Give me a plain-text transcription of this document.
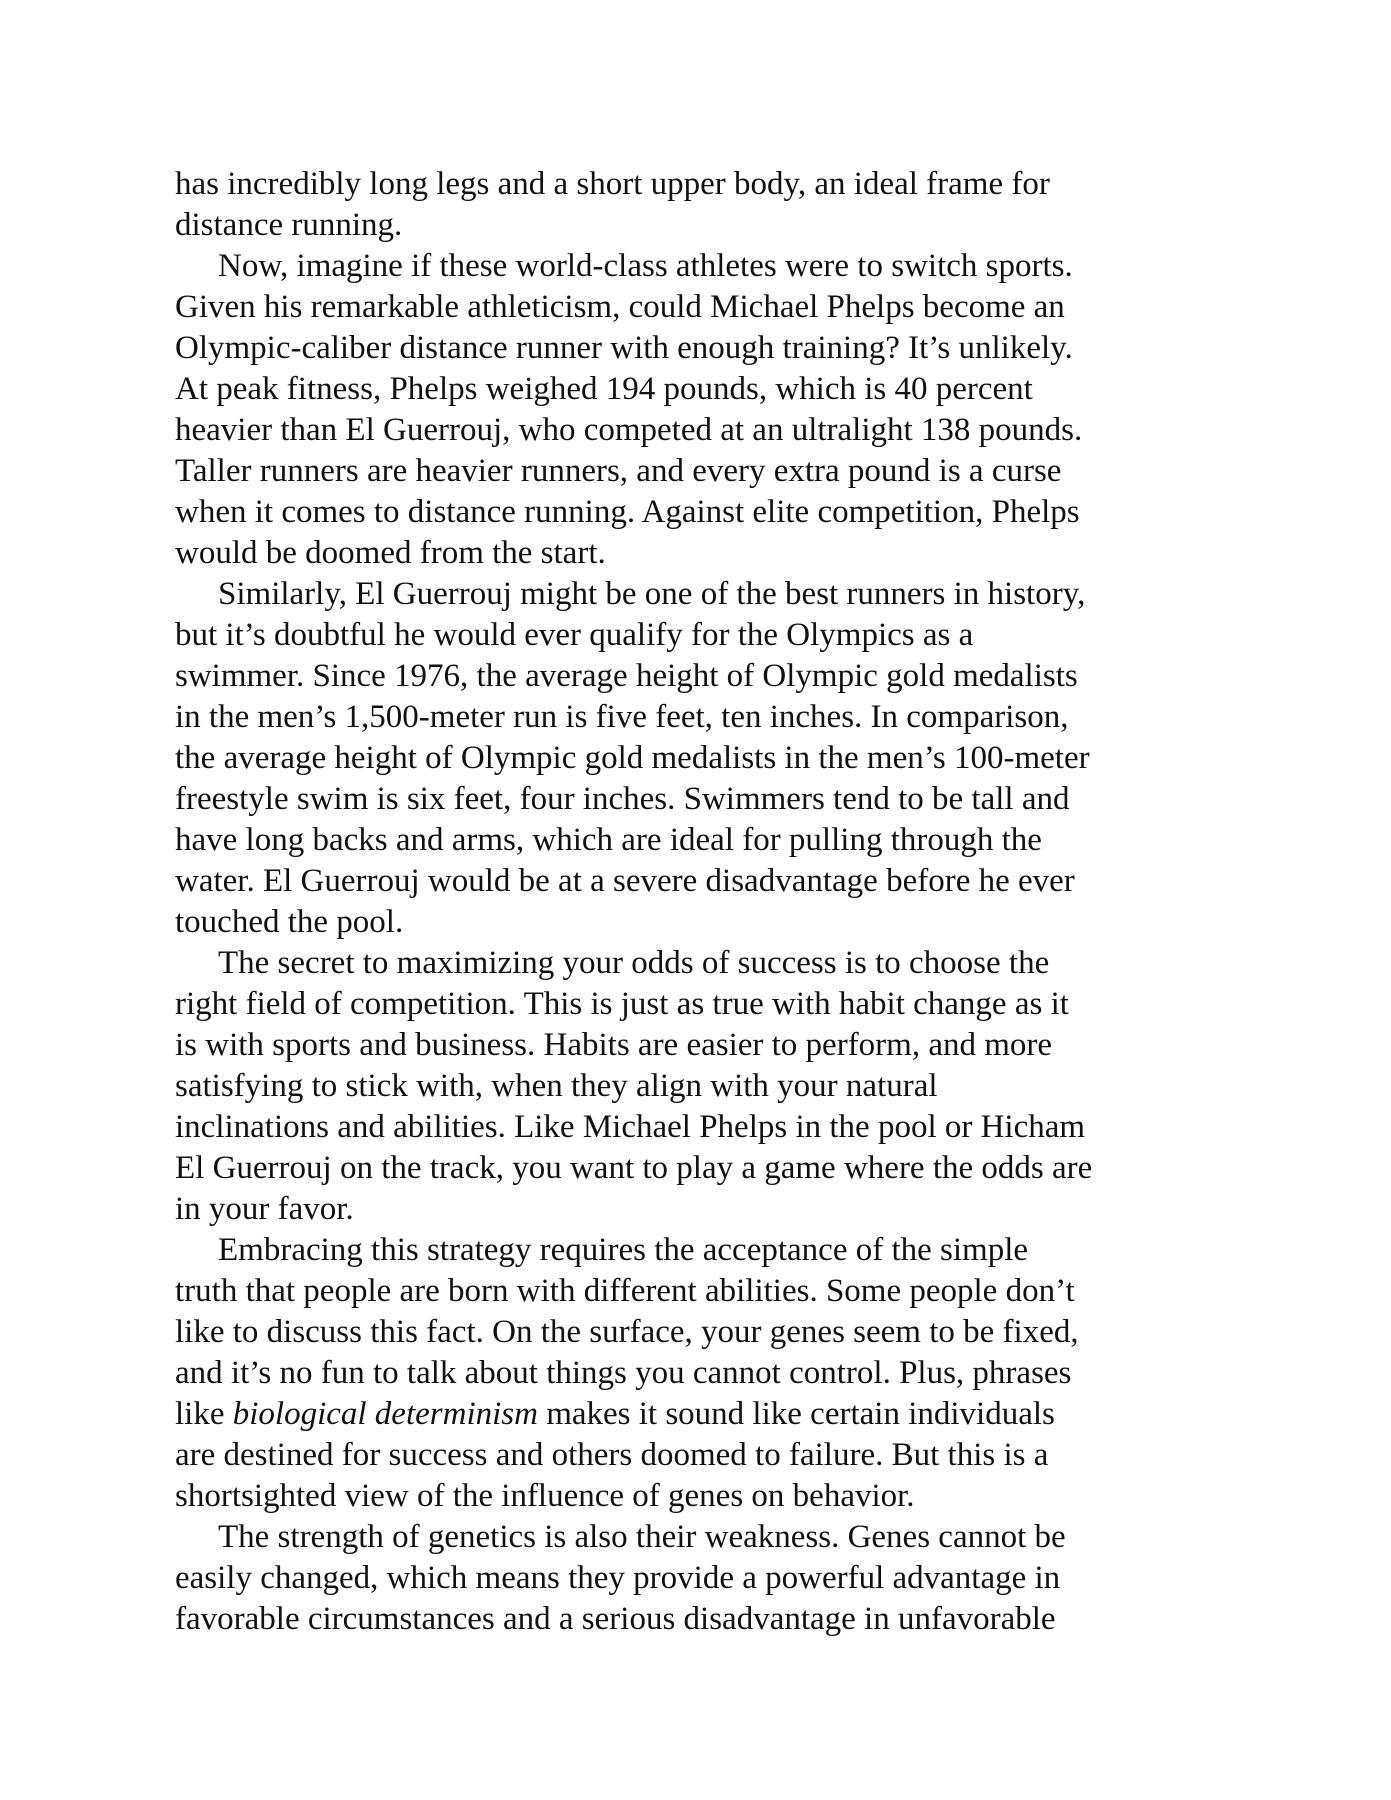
has incredibly long legs and a short upper body, an ideal frame for
distance running.
Now, imagine if these world-class athletes were to switch sports.
Given his remarkable athleticism, could Michael Phelps become an
Olympic-caliber distance runner with enough training? It’s unlikely.
At peak fitness, Phelps weighed 194 pounds, which is 40 percent
heavier than El Guerrouj, who competed at an ultralight 138 pounds.
Taller runners are heavier runners, and every extra pound is a curse
when it comes to distance running. Against elite competition, Phelps
would be doomed from the start.
Similarly, El Guerrouj might be one of the best runners in history,
but it’s doubtful he would ever qualify for the Olympics as a
swimmer. Since 1976, the average height of Olympic gold medalists
in the men’s 1,500-meter run is five feet, ten inches. In comparison,
the average height of Olympic gold medalists in the men’s 100-meter
freestyle swim is six feet, four inches. Swimmers tend to be tall and
have long backs and arms, which are ideal for pulling through the
water. El Guerrouj would be at a severe disadvantage before he ever
touched the pool.
The secret to maximizing your odds of success is to choose the
right field of competition. This is just as true with habit change as it
is with sports and business. Habits are easier to perform, and more
satisfying to stick with, when they align with your natural
inclinations and abilities. Like Michael Phelps in the pool or Hicham
El Guerrouj on the track, you want to play a game where the odds are
in your favor.
Embracing this strategy requires the acceptance of the simple
truth that people are born with different abilities. Some people don’t
like to discuss this fact. On the surface, your genes seem to be fixed,
and it’s no fun to talk about things you cannot control. Plus, phrases
like biological determinism makes it sound like certain individuals
are destined for success and others doomed to failure. But this is a
shortsighted view of the influence of genes on behavior.
The strength of genetics is also their weakness. Genes cannot be
easily changed, which means they provide a powerful advantage in
favorable circumstances and a serious disadvantage in unfavorable
